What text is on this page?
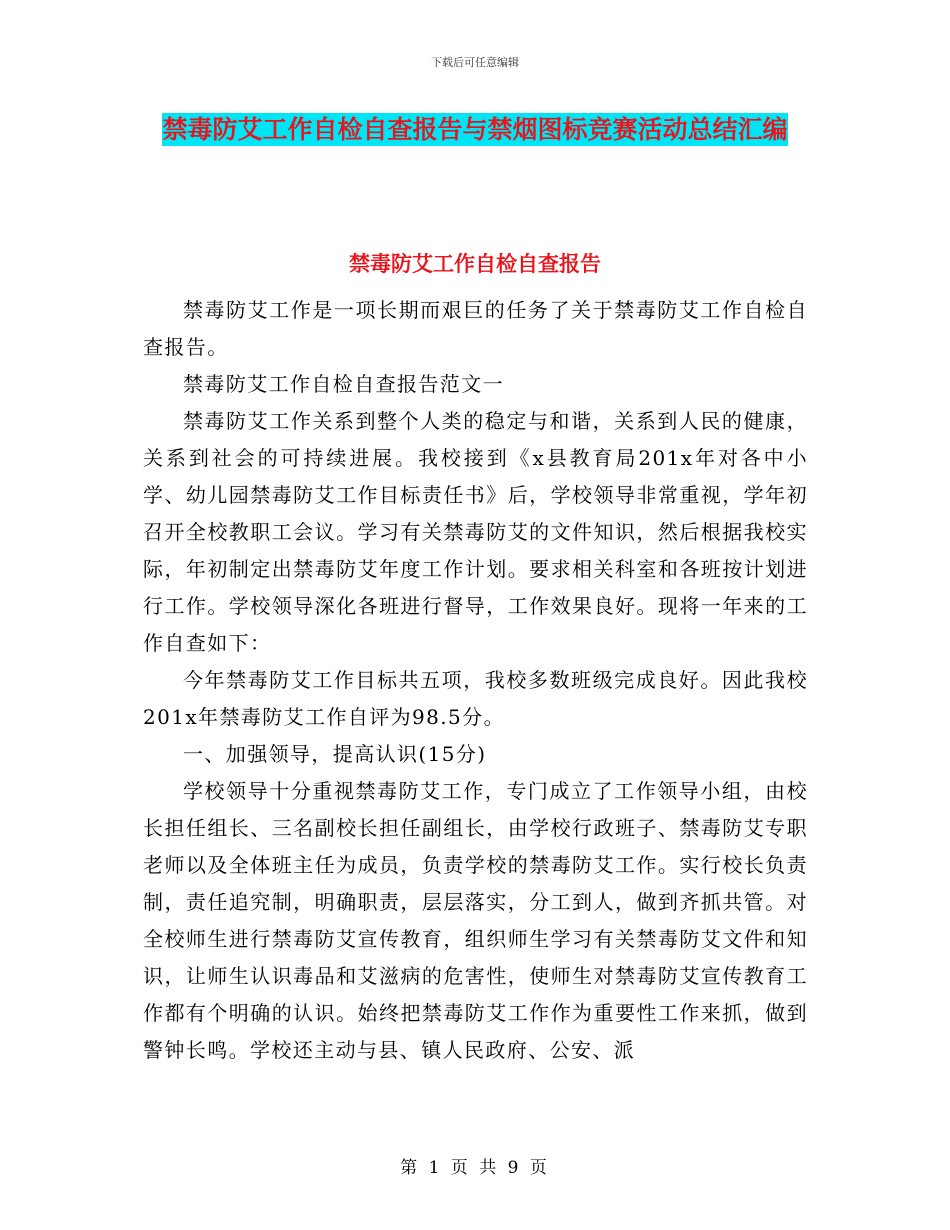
下载后可任意编辑
禁毒防艾工作自检自查报告与禁烟图标竞赛活动总结汇编
禁毒防艾工作自检自查报告

禁毒防艾工作是一项长期而艰巨的任务了关于禁毒防艾工作自检自查报告。

禁毒防艾工作自检自查报告范文一

禁毒防艾工作关系到整个人类的稳定与和谐，关系到人民的健康，关系到社会的可持续进展。我校接到《x县教育局201x年对各中小学、幼儿园禁毒防艾工作目标责任书》后，学校领导非常重视，学年初召开全校教职工会议。学习有关禁毒防艾的文件知识，然后根据我校实际，年初制定出禁毒防艾年度工作计划。要求相关科室和各班按计划进行工作。学校领导深化各班进行督导，工作效果良好。现将一年来的工作自查如下：

今年禁毒防艾工作目标共五项，我校多数班级完成良好。因此我校201x年禁毒防艾工作自评为98.5分。

一、加强领导，提高认识(15分)

学校领导十分重视禁毒防艾工作，专门成立了工作领导小组，由校长担任组长、三名副校长担任副组长，由学校行政班子、禁毒防艾专职老师以及全体班主任为成员，负责学校的禁毒防艾工作。实行校长负责制，责任追究制，明确职责，层层落实，分工到人，做到齐抓共管。对全校师生进行禁毒防艾宣传教育，组织师生学习有关禁毒防艾文件和知识，让师生认识毒品和艾滋病的危害性，使师生对禁毒防艾宣传教育工作都有个明确的认识。始终把禁毒防艾工作作为重要性工作来抓，做到警钟长鸣。学校还主动与县、镇人民政府、公安、派

第 1 页 共 9 页
